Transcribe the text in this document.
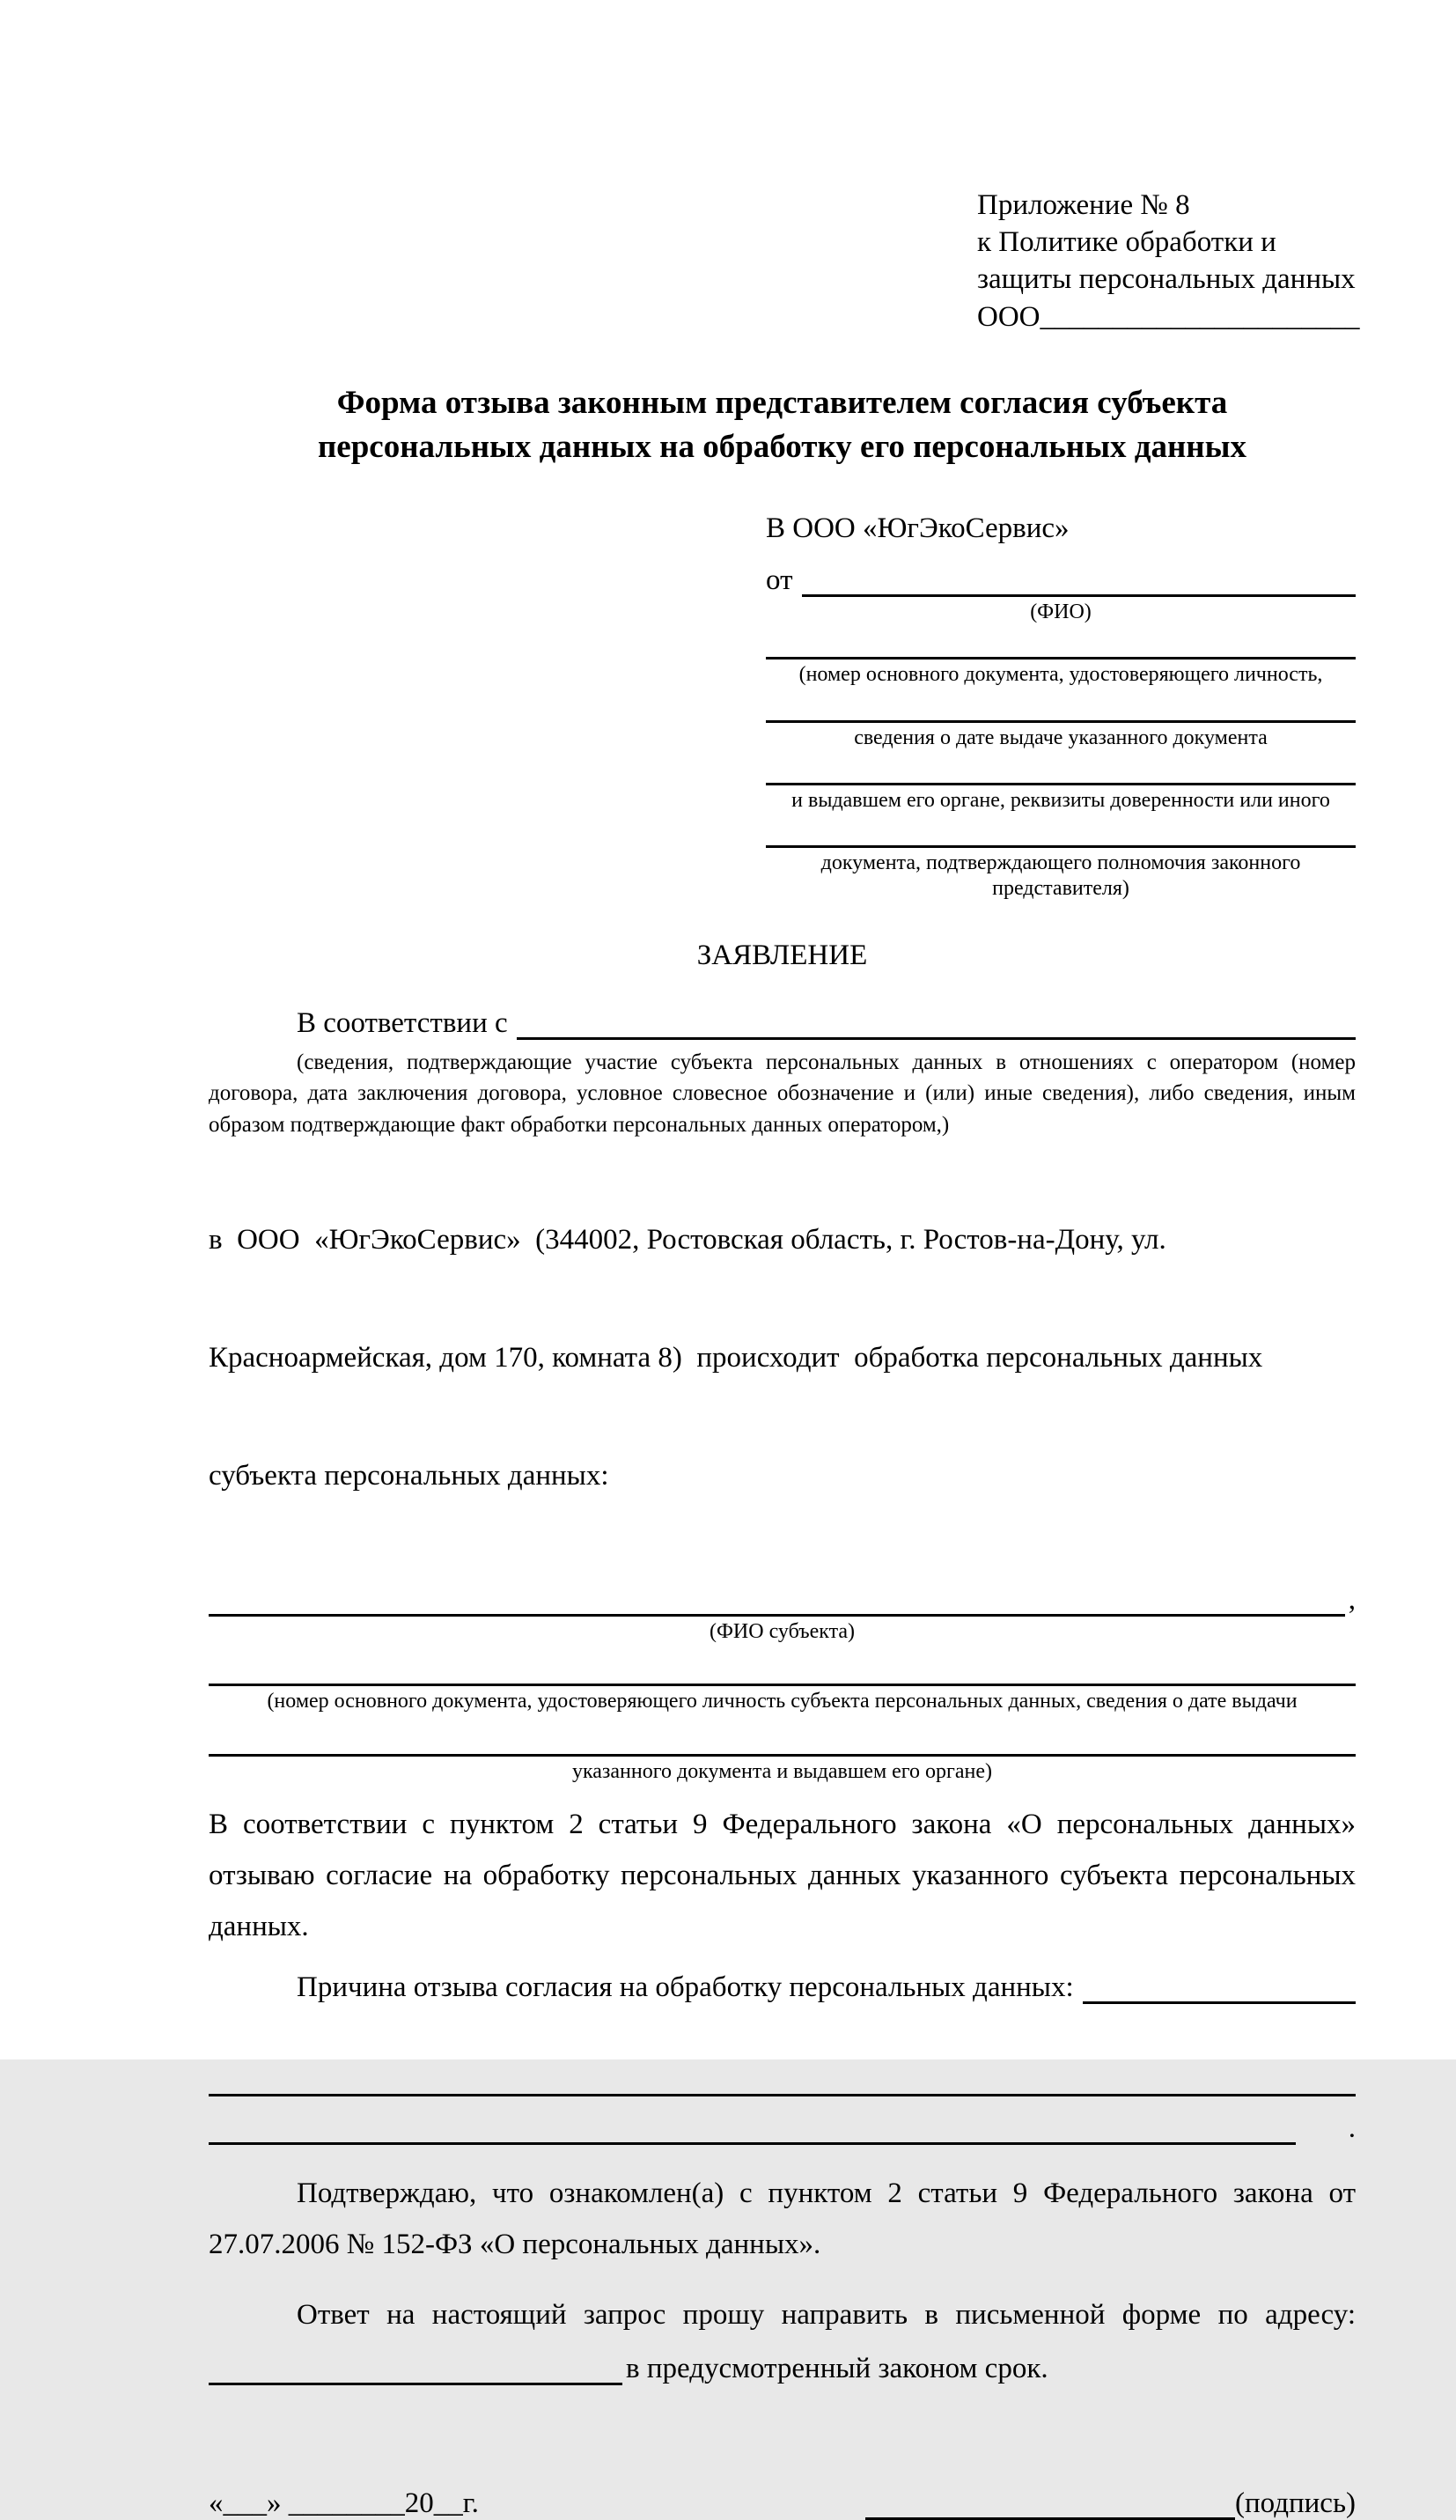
Приложение № 8
к Политике обработки и
защиты персональных данных
ООО______________________
Форма отзыва законным представителем согласия субъекта
персональных данных на обработку его персональных данных
В ООО «ЮгЭкоСервис»
от
(ФИО)
(номер основного документа, удостоверяющего личность,
сведения о дате выдаче указанного документа
и выдавшем его органе, реквизиты доверенности или иного
документа, подтверждающего полномочия законного представителя)
ЗАЯВЛЕНИЕ
В соответствии с
(сведения, подтверждающие участие субъекта персональных данных в отношениях с оператором (номер договора, дата заключения договора, условное словесное обозначение и (или) иные сведения), либо сведения, иным образом подтверждающие факт обработки персональных данных оператором,)

в  ООО  «ЮгЭкоСервис»  (344002, Ростовская область, г. Ростов-на-Дону, ул.

Красноармейская, дом 170, комната 8)  происходит  обработка персональных данных

субъекта персональных данных:

,
(ФИО субъекта)
(номер основного документа, удостоверяющего личность субъекта персональных данных, сведения о дате выдачи
указанного документа и выдавшем его органе)
В соответствии с пунктом 2 статьи 9 Федерального закона «О персональных данных» отзываю согласие на обработку персональных данных указанного субъекта персональных данных.
Причина отзыва согласия на обработку персональных данных:
.
Подтверждаю, что ознакомлен(а) с пунктом 2 статьи 9 Федерального закона от 27.07.2006 № 152-ФЗ «О персональных данных».
Ответ на настоящий запрос прошу направить в письменной форме по адресу:
в предусмотренный законом срок.
«___» ________20__г.	(подпись)
